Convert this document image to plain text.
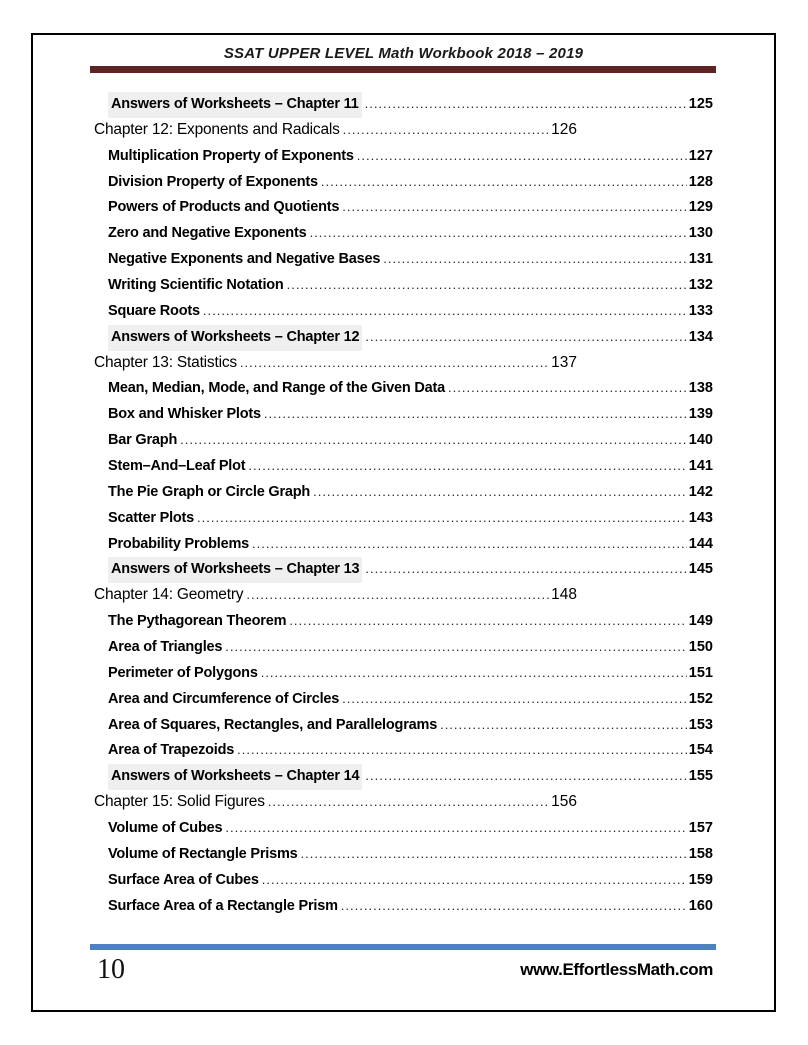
SSAT UPPER LEVEL Math Workbook 2018 – 2019
Answers of Worksheets – Chapter 11 .....	125
Chapter 12: Exponents and Radicals .....	126
Multiplication Property of Exponents .....	127
Division Property of Exponents .....	128
Powers of Products and Quotients .....	129
Zero and Negative Exponents .....	130
Negative Exponents and Negative Bases .....	131
Writing Scientific Notation .....	132
Square Roots .....	133
Answers of Worksheets – Chapter 12 .....	134
Chapter 13: Statistics .....	137
Mean, Median, Mode, and Range of the Given Data .....	138
Box and Whisker Plots .....	139
Bar Graph .....	140
Stem–And–Leaf Plot .....	141
The Pie Graph or Circle Graph .....	142
Scatter Plots .....	143
Probability Problems .....	144
Answers of Worksheets – Chapter 13 .....	145
Chapter 14: Geometry .....	148
The Pythagorean Theorem .....	149
Area of Triangles .....	150
Perimeter of Polygons .....	151
Area and Circumference of Circles .....	152
Area of Squares, Rectangles, and Parallelograms .....	153
Area of Trapezoids .....	154
Answers of Worksheets – Chapter 14 .....	155
Chapter 15: Solid Figures .....	156
Volume of Cubes .....	157
Volume of Rectangle Prisms .....	158
Surface Area of Cubes .....	159
Surface Area of a Rectangle Prism .....	160
10	www.EffortlessMath.com
